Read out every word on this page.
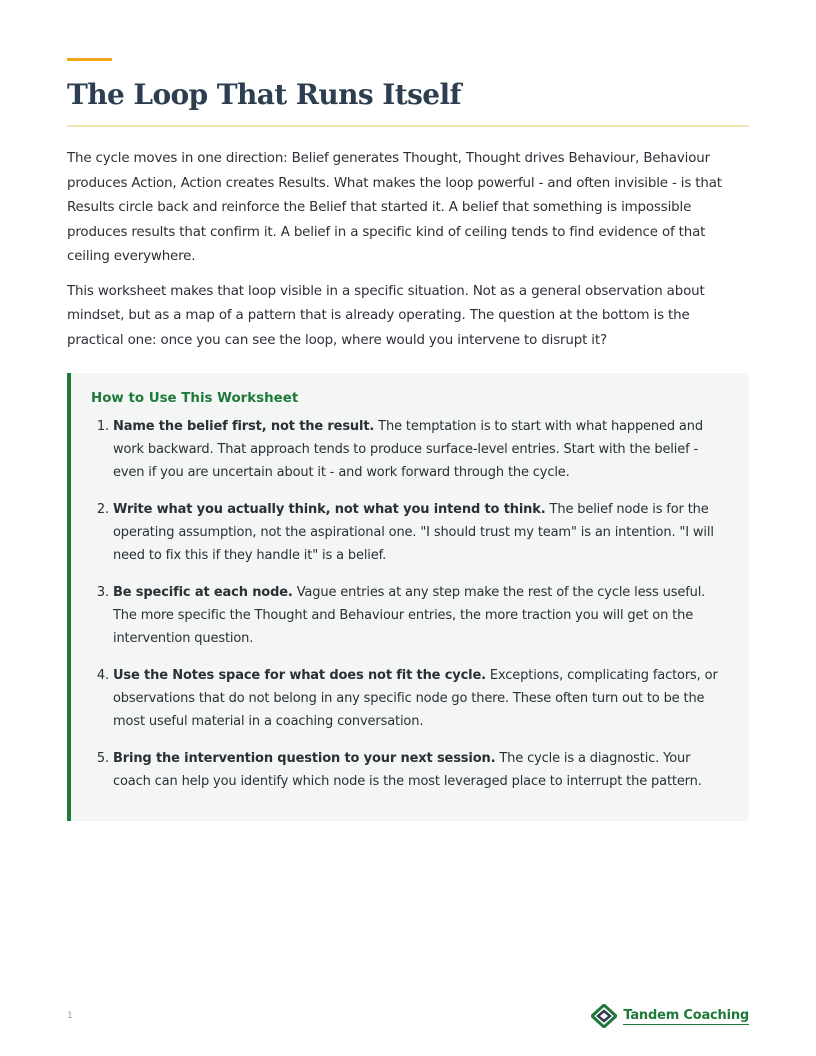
The Loop That Runs Itself

The cycle moves in one direction: Belief generates Thought, Thought drives Behaviour, Behaviour produces Action, Action creates Results. What makes the loop powerful - and often invisible - is that Results circle back and reinforce the Belief that started it. A belief that something is impossible produces results that confirm it. A belief in a specific kind of ceiling tends to find evidence of that ceiling everywhere.

This worksheet makes that loop visible in a specific situation. Not as a general observation about mindset, but as a map of a pattern that is already operating. The question at the bottom is the practical one: once you can see the loop, where would you intervene to disrupt it?

How to Use This Worksheet
1. Name the belief first, not the result. The temptation is to start with what happened and work backward. That approach tends to produce surface-level entries. Start with the belief - even if you are uncertain about it - and work forward through the cycle.
2. Write what you actually think, not what you intend to think. The belief node is for the operating assumption, not the aspirational one. "I should trust my team" is an intention. "I will need to fix this if they handle it" is a belief.
3. Be specific at each node. Vague entries at any step make the rest of the cycle less useful. The more specific the Thought and Behaviour entries, the more traction you will get on the intervention question.
4. Use the Notes space for what does not fit the cycle. Exceptions, complicating factors, or observations that do not belong in any specific node go there. These often turn out to be the most useful material in a coaching conversation.
5. Bring the intervention question to your next session. The cycle is a diagnostic. Your coach can help you identify which node is the most leveraged place to interrupt the pattern.
1	Tandem Coaching
